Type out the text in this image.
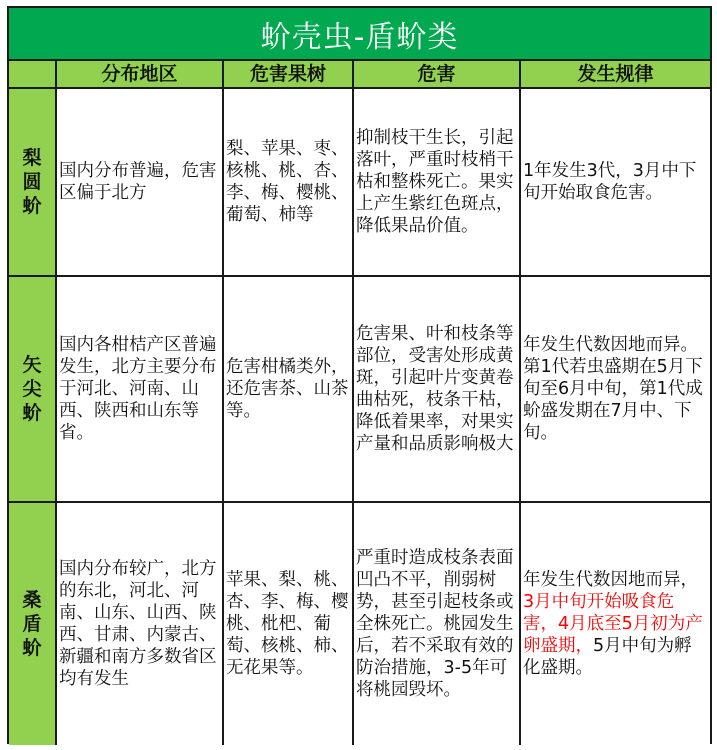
蚧壳虫-盾蚧类
	分布地区	危害果树	危害	发生规律
梨圆蚧	国内分布普遍，危害区偏于北方	梨、苹果、枣、核桃、桃、杏、李、梅、樱桃、葡萄、柿等	抑制枝干生长，引起落叶，严重时枝梢干枯和整株死亡。果实上产生紫红色斑点，降低果品价值。	1年发生3代，3月中下旬开始取食危害。
矢尖蚧	国内各柑桔产区普遍发生，北方主要分布于河北、河南、山西、陕西和山东等省。	危害柑橘类外，还危害茶、山茶等。	危害果、叶和枝条等部位，受害处形成黄斑，引起叶片变黄卷曲枯死，枝条干枯，降低着果率，对果实产量和品质影响极大	年发生代数因地而异。第1代若虫盛期在5月下旬至6月中旬，第1代成蚧盛发期在7月中、下旬。
桑盾蚧	国内分布较广，北方的东北，河北、河南、山东、山西、陕西、甘肃、内蒙古、新疆和南方多数省区均有发生	苹果、梨、桃、杏、李、梅、樱桃、枇杷、葡萄、核桃、柿、无花果等。	严重时造成枝条表面凹凸不平，削弱树势，甚至引起枝条或全株死亡。桃园发生后，若不采取有效的防治措施，3-5年可将桃园毁坏。	年发生代数因地而异，3月中旬开始吸食危害，4月底至5月初为产卵盛期，5月中旬为孵化盛期。
